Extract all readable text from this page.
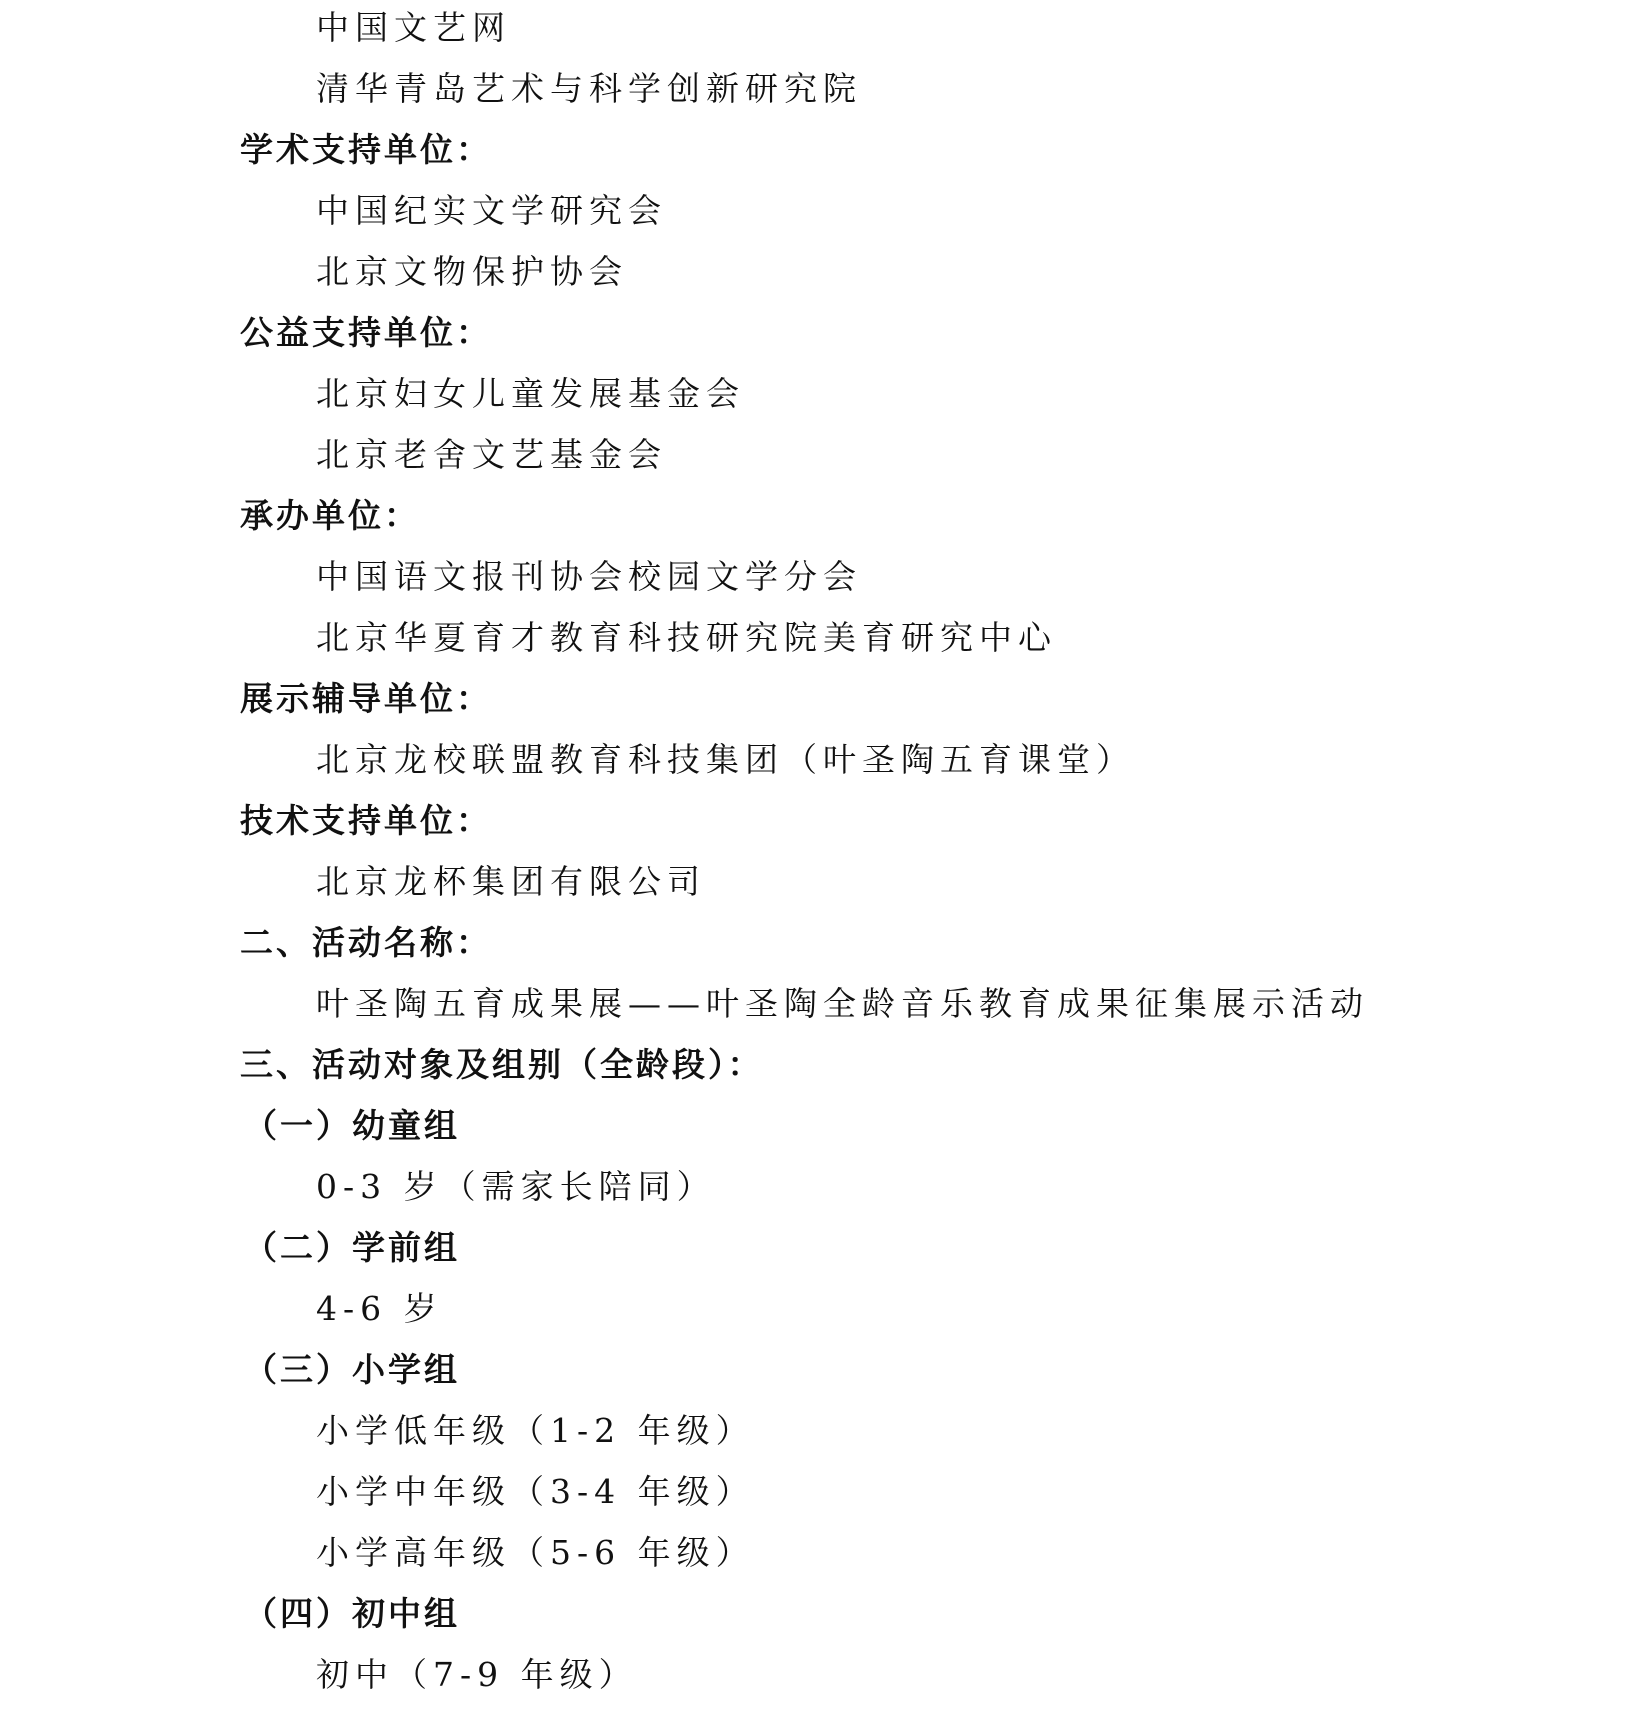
中国文艺网
清华青岛艺术与科学创新研究院
学术支持单位：
中国纪实文学研究会
北京文物保护协会
公益支持单位：
北京妇女儿童发展基金会
北京老舍文艺基金会
承办单位：
中国语文报刊协会校园文学分会
北京华夏育才教育科技研究院美育研究中心
展示辅导单位：
北京龙校联盟教育科技集团（叶圣陶五育课堂）
技术支持单位：
北京龙杯集团有限公司
二、活动名称：
叶圣陶五育成果展——叶圣陶全龄音乐教育成果征集展示活动
三、活动对象及组别（全龄段）：
（一）幼童组
0-3 岁（需家长陪同）
（二）学前组
4-6 岁
（三）小学组
小学低年级（1-2 年级）
小学中年级（3-4 年级）
小学高年级（5-6 年级）
（四）初中组
初中（7-9 年级）
